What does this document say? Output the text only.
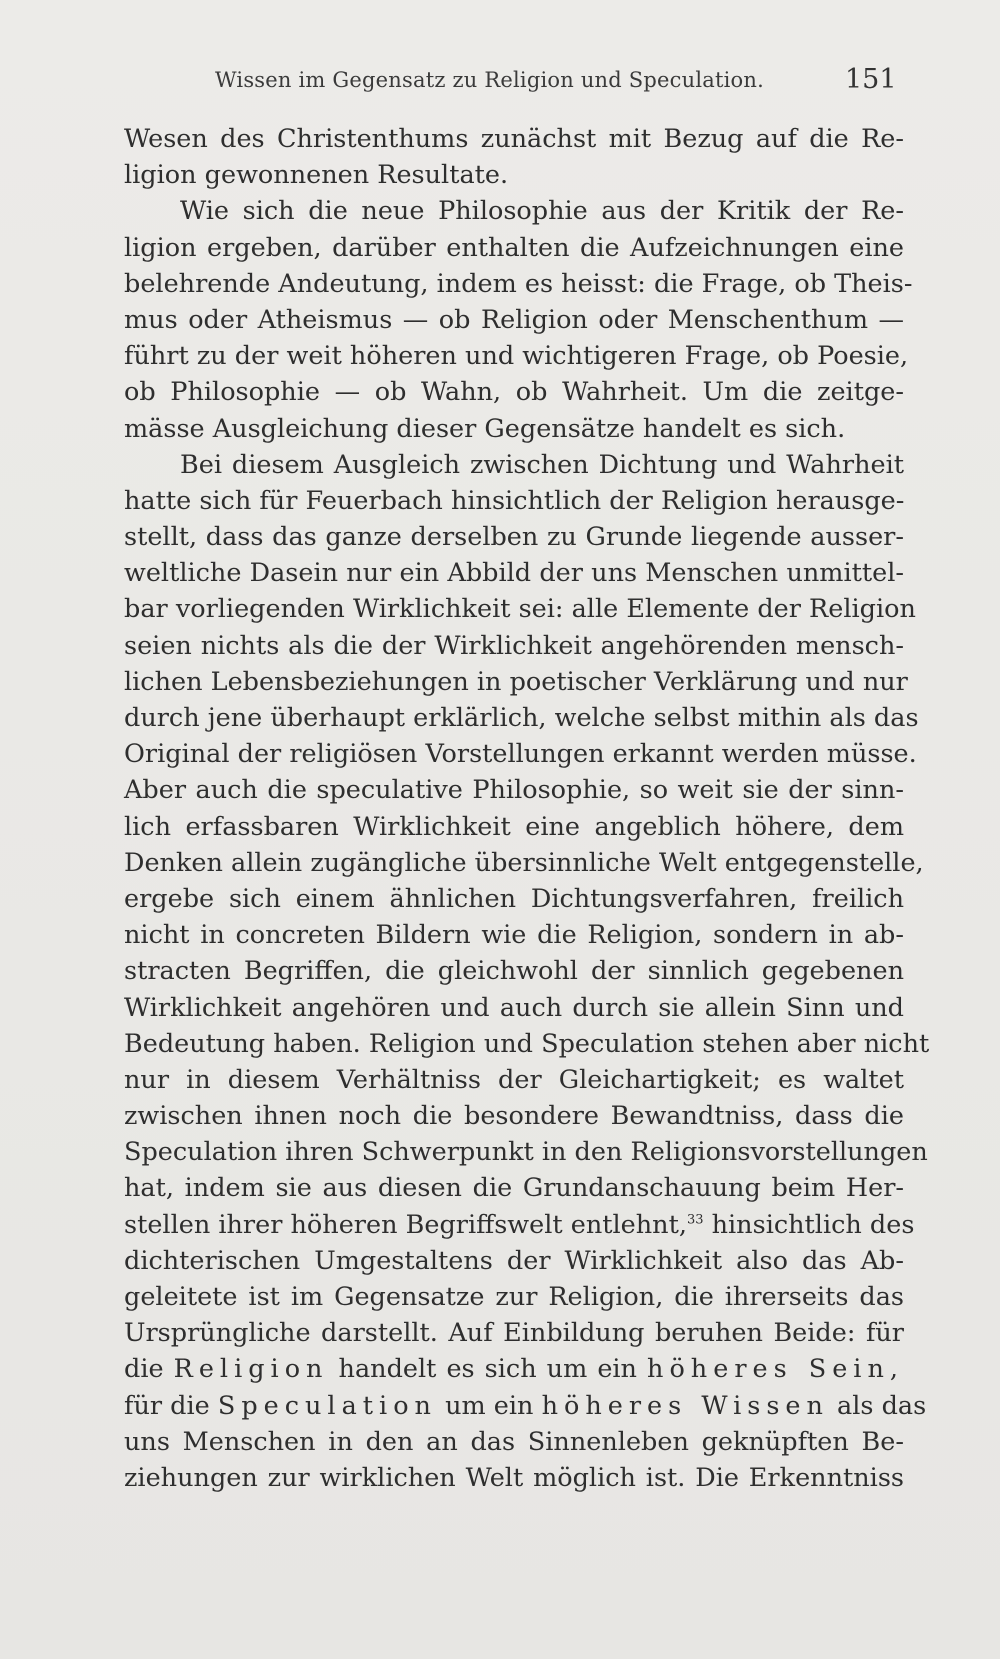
Wissen im Gegensatz zu Religion und Speculation.	151
Wesen des Christenthums zunächst mit Bezug auf die Re-
ligion gewonnenen Resultate.
Wie sich die neue Philosophie aus der Kritik der Re-
ligion ergeben, darüber enthalten die Aufzeichnungen eine
belehrende Andeutung, indem es heisst: die Frage, ob Theis-
mus oder Atheismus — ob Religion oder Menschenthum —
führt zu der weit höheren und wichtigeren Frage, ob Poesie,
ob Philosophie — ob Wahn, ob Wahrheit. Um die zeitge-
mässe Ausgleichung dieser Gegensätze handelt es sich.
Bei diesem Ausgleich zwischen Dichtung und Wahrheit
hatte sich für Feuerbach hinsichtlich der Religion herausge-
stellt, dass das ganze derselben zu Grunde liegende ausser-
weltliche Dasein nur ein Abbild der uns Menschen unmittel-
bar vorliegenden Wirklichkeit sei: alle Elemente der Religion
seien nichts als die der Wirklichkeit angehörenden mensch-
lichen Lebensbeziehungen in poetischer Verklärung und nur
durch jene überhaupt erklärlich, welche selbst mithin als das
Original der religiösen Vorstellungen erkannt werden müsse.
Aber auch die speculative Philosophie, so weit sie der sinn-
lich erfassbaren Wirklichkeit eine angeblich höhere, dem
Denken allein zugängliche übersinnliche Welt entgegenstelle,
ergebe sich einem ähnlichen Dichtungsverfahren, freilich
nicht in concreten Bildern wie die Religion, sondern in ab-
stracten Begriffen, die gleichwohl der sinnlich gegebenen
Wirklichkeit angehören und auch durch sie allein Sinn und
Bedeutung haben. Religion und Speculation stehen aber nicht
nur in diesem Verhältniss der Gleichartigkeit; es waltet
zwischen ihnen noch die besondere Bewandtniss, dass die
Speculation ihren Schwerpunkt in den Religionsvorstellungen
hat, indem sie aus diesen die Grundanschauung beim Her-
stellen ihrer höheren Begriffswelt entlehnt,$^{33}$ hinsichtlich des
dichterischen Umgestaltens der Wirklichkeit also das Ab-
geleitete ist im Gegensatze zur Religion, die ihrerseits das
Ursprüngliche darstellt. Auf Einbildung beruhen Beide: für
die Religion handelt es sich um ein höheres Sein,
für die Speculation um ein höheres Wissen als das
uns Menschen in den an das Sinnenleben geknüpften Be-
ziehungen zur wirklichen Welt möglich ist. Die Erkenntniss
